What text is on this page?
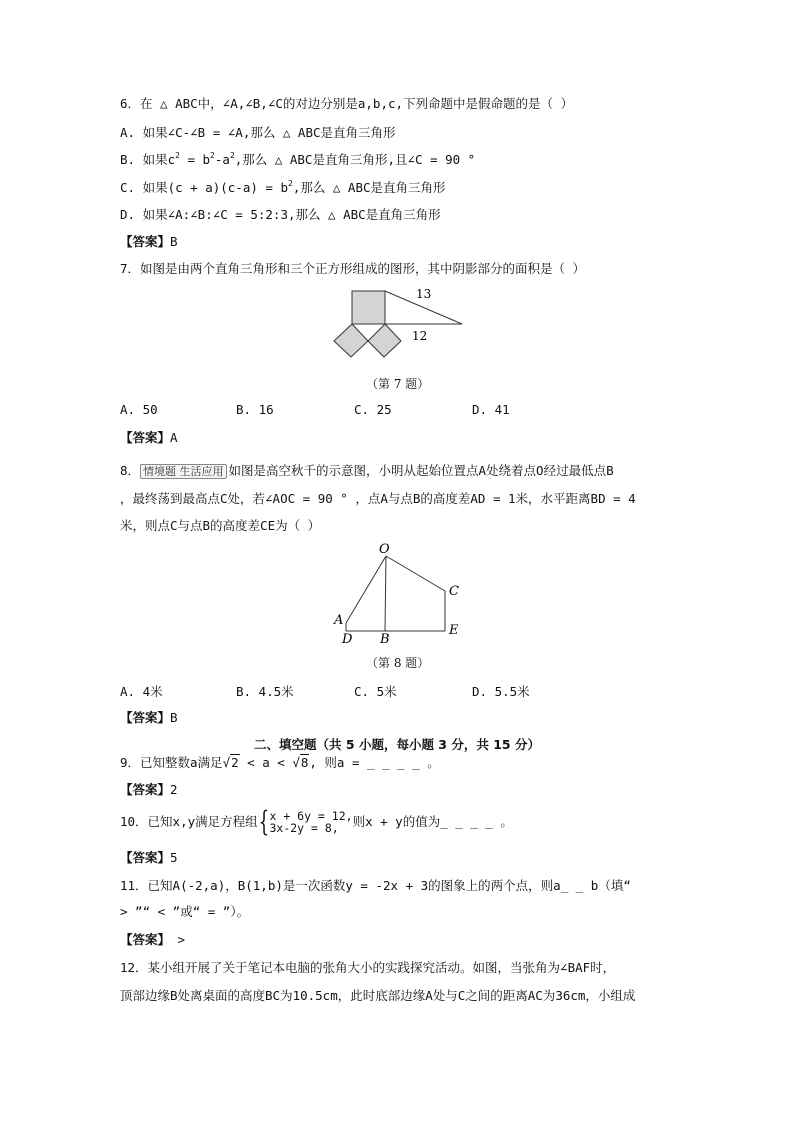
6．在 △ ABC中，∠A,∠B,∠C的对边分别是a,b,c,下列命题中是假命题的是（ ）
A. 如果∠C-∠B = ∠A,那么 △ ABC是直角三角形
B. 如果$c^2 = b^2-a^2$,那么 △ ABC是直角三角形,且∠C = 90 °
C. 如果$(c + a)(c-a) = b^2$,那么 △ ABC是直角三角形
D. 如果∠A:∠B:∠C = 5:2:3,那么 △ ABC是直角三角形
【答案】B
7．如图是由两个直角三角形和三个正方形组成的图形，其中阴影部分的面积是（ ）
13
12
（第 7 题）
A. 50	B. 16	C. 25	D. 41
【答案】A
8． 情境题 生活应用 如图是高空秋千的示意图，小明从起始位置点A处绕着点O经过最低点B
，最终荡到最高点C处，若∠AOC = 90 ° ，点A与点B的高度差AD = 1米，水平距离BD = 4
米，则点C与点B的高度差CE为（ ）
O
A
C
D B
E
（第 8 题）
A. 4米	B. 4.5米	C. 5米	D. 5.5米
【答案】B
二、填空题（共 5 小题，每小题 3 分，共 15 分）
9．已知整数a满足√2 < a < √8, 则a = _ _ _ _ 。
【答案】2
10．已知x,y满足方程组{x + 6y = 12,
3x-2y = 8, 则x + y的值为_ _ _ _ 。
【答案】5
11．已知A(-2,a)，B(1,b)是一次函数y = -2x + 3的图象上的两个点，则a_ _ b（填“
> ”“ < ”或“ = ”）。
【答案】 >
12．某小组开展了关于笔记本电脑的张角大小的实践探究活动。如图，当张角为∠BAF时，
顶部边缘B处离桌面的高度BC为10.5cm，此时底部边缘A处与C之间的距离AC为36cm，小组成
